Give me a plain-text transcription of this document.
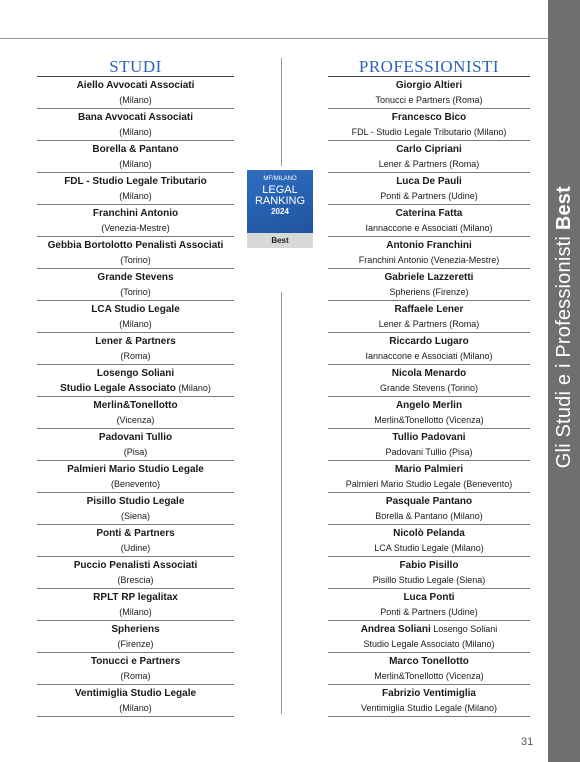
Gli Studi e i Professionisti Best
STUDI
Aiello Avvocati Associati
(Milano)
Bana Avvocati Associati
(Milano)
Borella & Pantano
(Milano)
FDL - Studio Legale Tributario
(Milano)
Franchini Antonio
(Venezia-Mestre)
Gebbia Bortolotto Penalisti Associati
(Torino)
Grande Stevens
(Torino)
LCA Studio Legale
(Milano)
Lener & Partners
(Roma)
Losengo Soliani
Studio Legale Associato (Milano)
Merlin&Tonellotto
(Vicenza)
Padovani Tullio
(Pisa)
Palmieri Mario Studio Legale
(Benevento)
Pisillo Studio Legale
(Siena)
Ponti & Partners
(Udine)
Puccio Penalisti Associati
(Brescia)
RPLT RP legalitax
(Milano)
Spheriens
(Firenze)
Tonucci e Partners
(Roma)
Ventimiglia Studio Legale
(Milano)
MF/MILANO
LEGAL
RANKING
2024
Best
PROFESSIONISTI
Giorgio Altieri
Tonucci e Partners (Roma)
Francesco Bico
FDL - Studio Legale Tributario (Milano)
Carlo Cipriani
Lener & Partners (Roma)
Luca De Pauli
Ponti & Partners (Udine)
Caterina Fatta
Iannaccone e Associati (Milano)
Antonio Franchini
Franchini Antonio (Venezia-Mestre)
Gabriele Lazzeretti
Spheriens (Firenze)
Raffaele Lener
Lener & Partners (Roma)
Riccardo Lugaro
Iannaccone e Associati (Milano)
Nicola Menardo
Grande Stevens (Torino)
Angelo Merlin
Merlin&Tonellotto (Vicenza)
Tullio Padovani
Padovani Tullio (Pisa)
Mario Palmieri
Palmieri Mario Studio Legale (Benevento)
Pasquale Pantano
Borella & Pantano (Milano)
Nicolò Pelanda
LCA Studio Legale (Milano)
Fabio Pisillo
Pisillo Studio Legale (Siena)
Luca Ponti
Ponti & Partners (Udine)
Andrea Soliani Losengo Soliani
Studio Legale Associato (Milano)
Marco Tonellotto
Merlin&Tonellotto (Vicenza)
Fabrizio Ventimiglia
Ventimiglia Studio Legale (Milano)
31
